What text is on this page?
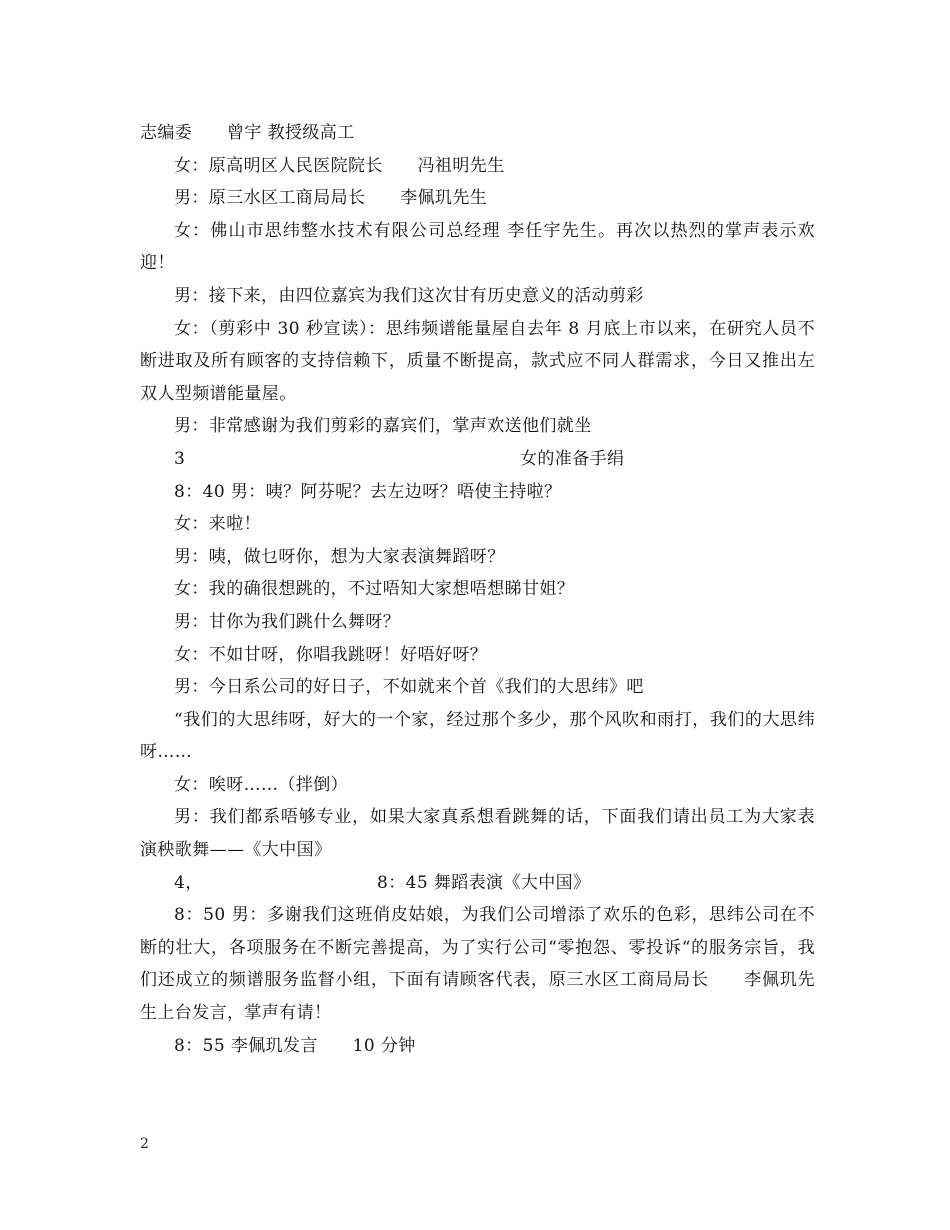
志编委　　曾宇 教授级高工

女：原高明区人民医院院长　　冯祖明先生

男：原三水区工商局局长　　李佩玑先生

女：佛山市思纬整水技术有限公司总经理 李任宇先生。再次以热烈的掌声表示欢迎！

男：接下来，由四位嘉宾为我们这次甘有历史意义的活动剪彩

女：（剪彩中 30 秒宣读）：思纬频谱能量屋自去年 8 月底上市以来，在研究人员不断进取及所有顾客的支持信赖下，质量不断提高，款式应不同人群需求，今日又推出左双人型频谱能量屋。

男：非常感谢为我们剪彩的嘉宾们，掌声欢送他们就坐

3	女的准备手绢

8：40 男：咦？阿芬呢？去左边呀？唔使主持啦？

女：来啦！

男：咦，做乜呀你，想为大家表演舞蹈呀？

女：我的确很想跳的，不过唔知大家想唔想睇甘姐？

男：甘你为我们跳什么舞呀？

女：不如甘呀，你唱我跳呀！好唔好呀？

男：今日系公司的好日子，不如就来个首《我们的大思纬》吧

“我们的大思纬呀，好大的一个家，经过那个多少，那个风吹和雨打，我们的大思纬呀……

女：唉呀……（拌倒）

男：我们都系唔够专业，如果大家真系想看跳舞的话，下面我们请出员工为大家表演秧歌舞——《大中国》

4，	8：45 舞蹈表演《大中国》

8：50 男：多谢我们这班俏皮姑娘，为我们公司增添了欢乐的色彩，思纬公司在不断的壮大，各项服务在不断完善提高，为了实行公司“零抱怨、零投诉“的服务宗旨，我们还成立的频谱服务监督小组，下面有请顾客代表，原三水区工商局局长　　李佩玑先生上台发言，掌声有请！

8：55 李佩玑发言　　10 分钟

2
